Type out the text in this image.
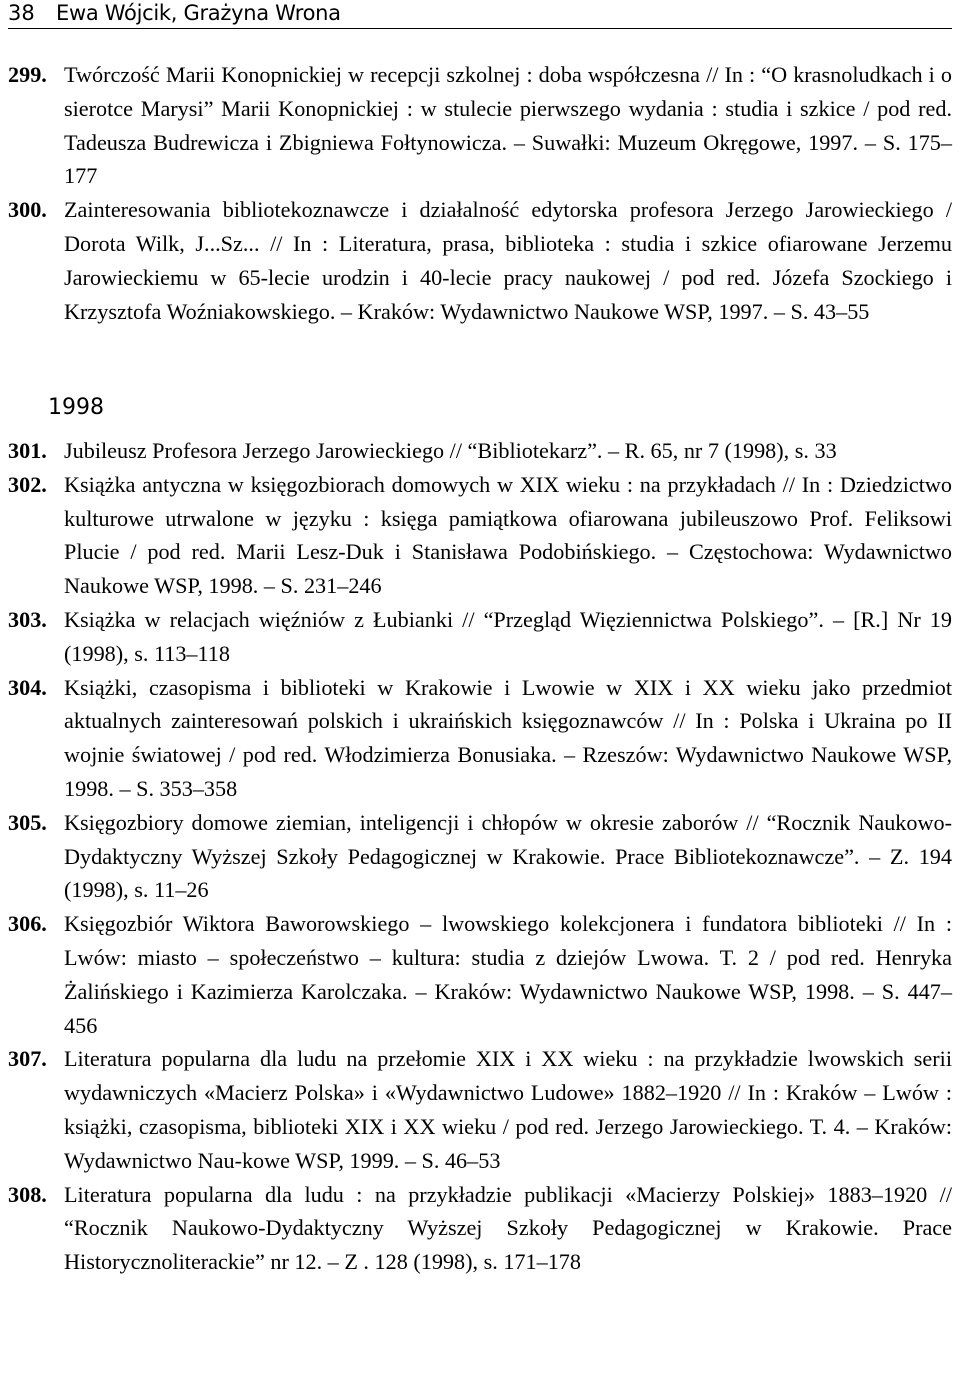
38 Ewa Wójcik, Grażyna Wrona
299. Twórczość Marii Konopnickiej w recepcji szkolnej : doba współczesna // In : “O krasnoludkach i o sierotce Marysi” Marii Konopnickiej : w stulecie pierwszego wydania : studia i szkice / pod red. Tadeusza Budrewicza i Zbigniewa Fołtynowicza. – Suwałki: Muzeum Okręgowe, 1997. – S. 175–177

300. Zainteresowania bibliotekoznawcze i działalność edytorska profesora Jerzego Jarowieckiego / Dorota Wilk, J...Sz... // In : Literatura, prasa, biblioteka : studia i szkice ofiarowane Jerzemu Jarowieckiemu w 65-lecie urodzin i 40-lecie pracy naukowej / pod red. Józefa Szockiego i Krzysztofa Woźniakowskiego. – Kraków: Wydawnictwo Naukowe WSP, 1997. – S. 43–55

1998
301. Jubileusz Profesora Jerzego Jarowieckiego // “Bibliotekarz”. – R. 65, nr 7 (1998), s. 33

302. Książka antyczna w księgozbiorach domowych w XIX wieku : na przykładach // In : Dziedzictwo kulturowe utrwalone w języku : księga pamiątkowa ofiarowana jubileuszowo Prof. Feliksowi Plucie / pod red. Marii Lesz-Duk i Stanisława Podobińskiego. – Częstochowa: Wydawnictwo Naukowe WSP, 1998. – S. 231–246

303. Książka w relacjach więźniów z Łubianki // “Przegląd Więziennictwa Polskiego”. – [R.] Nr 19 (1998), s. 113–118

304. Książki, czasopisma i biblioteki w Krakowie i Lwowie w XIX i XX wieku jako przedmiot aktualnych zainteresowań polskich i ukraińskich księgoznawców // In : Polska i Ukraina po II wojnie światowej / pod red. Włodzimierza Bonusiaka. – Rzeszów: Wydawnictwo Naukowe WSP, 1998. – S. 353–358

305. Księgozbiory domowe ziemian, inteligencji i chłopów w okresie zaborów // “Rocznik Naukowo-Dydaktyczny Wyższej Szkoły Pedagogicznej w Krakowie. Prace Bibliotekoznawcze”. – Z. 194 (1998), s. 11–26

306. Księgozbiór Wiktora Baworowskiego – lwowskiego kolekcjonera i fundatora biblioteki // In : Lwów: miasto – społeczeństwo – kultura: studia z dziejów Lwowa. T. 2 / pod red. Henryka Żalińskiego i Kazimierza Karolczaka. – Kraków: Wydawnictwo Naukowe WSP, 1998. – S. 447–456

307. Literatura popularna dla ludu na przełomie XIX i XX wieku : na przykładzie lwowskich serii wydawniczych «Macierz Polska» i «Wydawnictwo Ludowe» 1882–1920 // In : Kraków – Lwów : książki, czasopisma, biblioteki XIX i XX wieku / pod red. Jerzego Jarowieckiego. T. 4. – Kraków: Wydawnictwo Nau-kowe WSP, 1999. – S. 46–53

308. Literatura popularna dla ludu : na przykładzie publikacji «Macierzy Polskiej» 1883–1920 // “Rocznik Naukowo-Dydaktyczny Wyższej Szkoły Pedagogicznej w Krakowie. Prace Historycznoliterackie” nr 12. – Z . 128 (1998), s. 171–178
